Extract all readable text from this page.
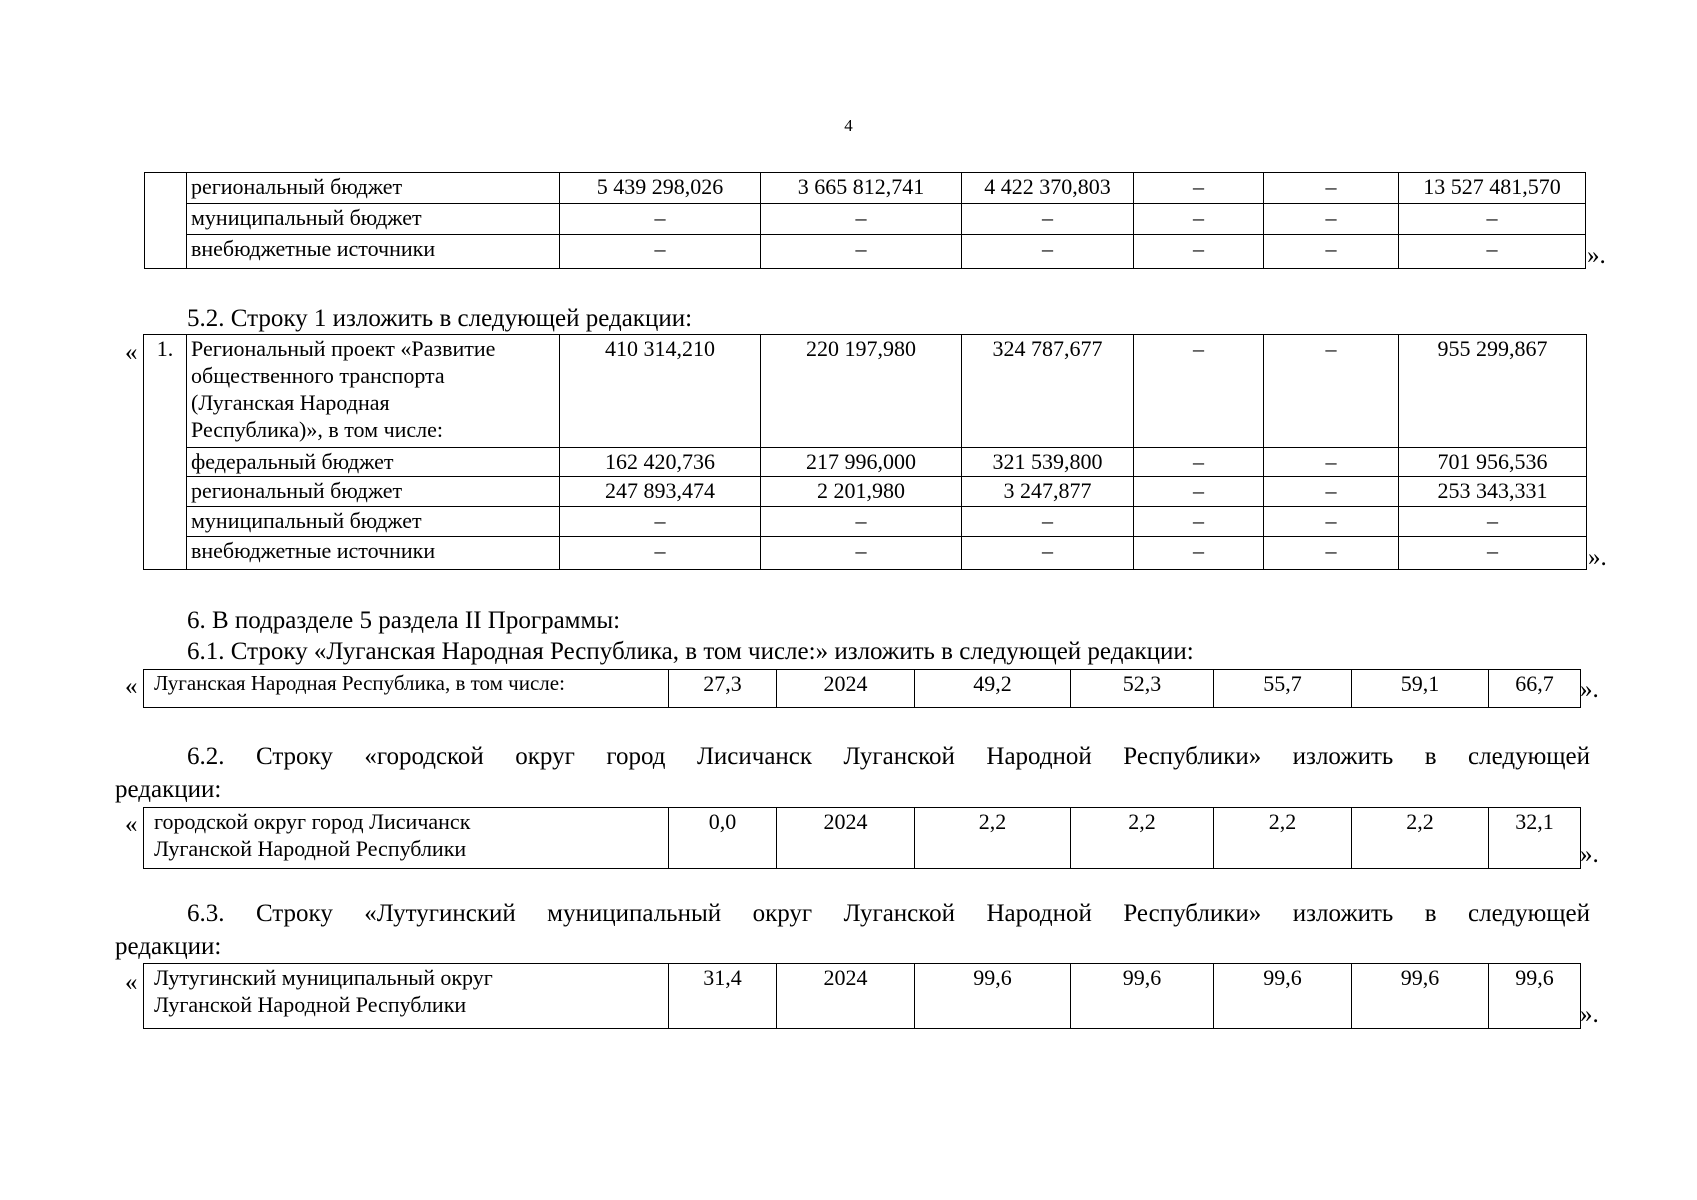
4
	региональный бюджет	5 439 298,026	3 665 812,741	4 422 370,803	–	–	13 527 481,570
	муниципальный бюджет	–	–	–	–	–	–
	внебюджетные источники	–	–	–	–	–	–	».
5.2. Строку 1 изложить в следующей редакции:
« 1.	Региональный проект «Развитие
общественного транспорта
(Луганская Народная
Республика)», в том числе:	410 314,210	220 197,980	324 787,677	–	–	955 299,867
	федеральный бюджет	162 420,736	217 996,000	321 539,800	–	–	701 956,536
	региональный бюджет	247 893,474	2 201,980	3 247,877	–	–	253 343,331
	муниципальный бюджет	–	–	–	–	–	–
	внебюджетные источники	–	–	–	–	–	–	».
6. В подразделе 5 раздела II Программы:
6.1. Строку «Луганская Народная Республика, в том числе:» изложить в следующей редакции:
« Луганская Народная Республика, в том числе:	27,3	2024	49,2	52,3	55,7	59,1	66,7 ».
6.2. Строку «городской округ город Лисичанск Луганской Народной Республики» изложить в следующей
редакции:
« городской округ город Лисичанск
Луганской Народной Республики
	0,0	2024	2,2	2,2	2,2	2,2	32,1
».
6.3. Строку «Лутугинский муниципальный округ Луганской Народной Республики» изложить в следующей
редакции:
« Лутугинский муниципальный округ
Луганской Народной Республики
	31,4	2024	99,6	99,6	99,6	99,6	99,6
».
